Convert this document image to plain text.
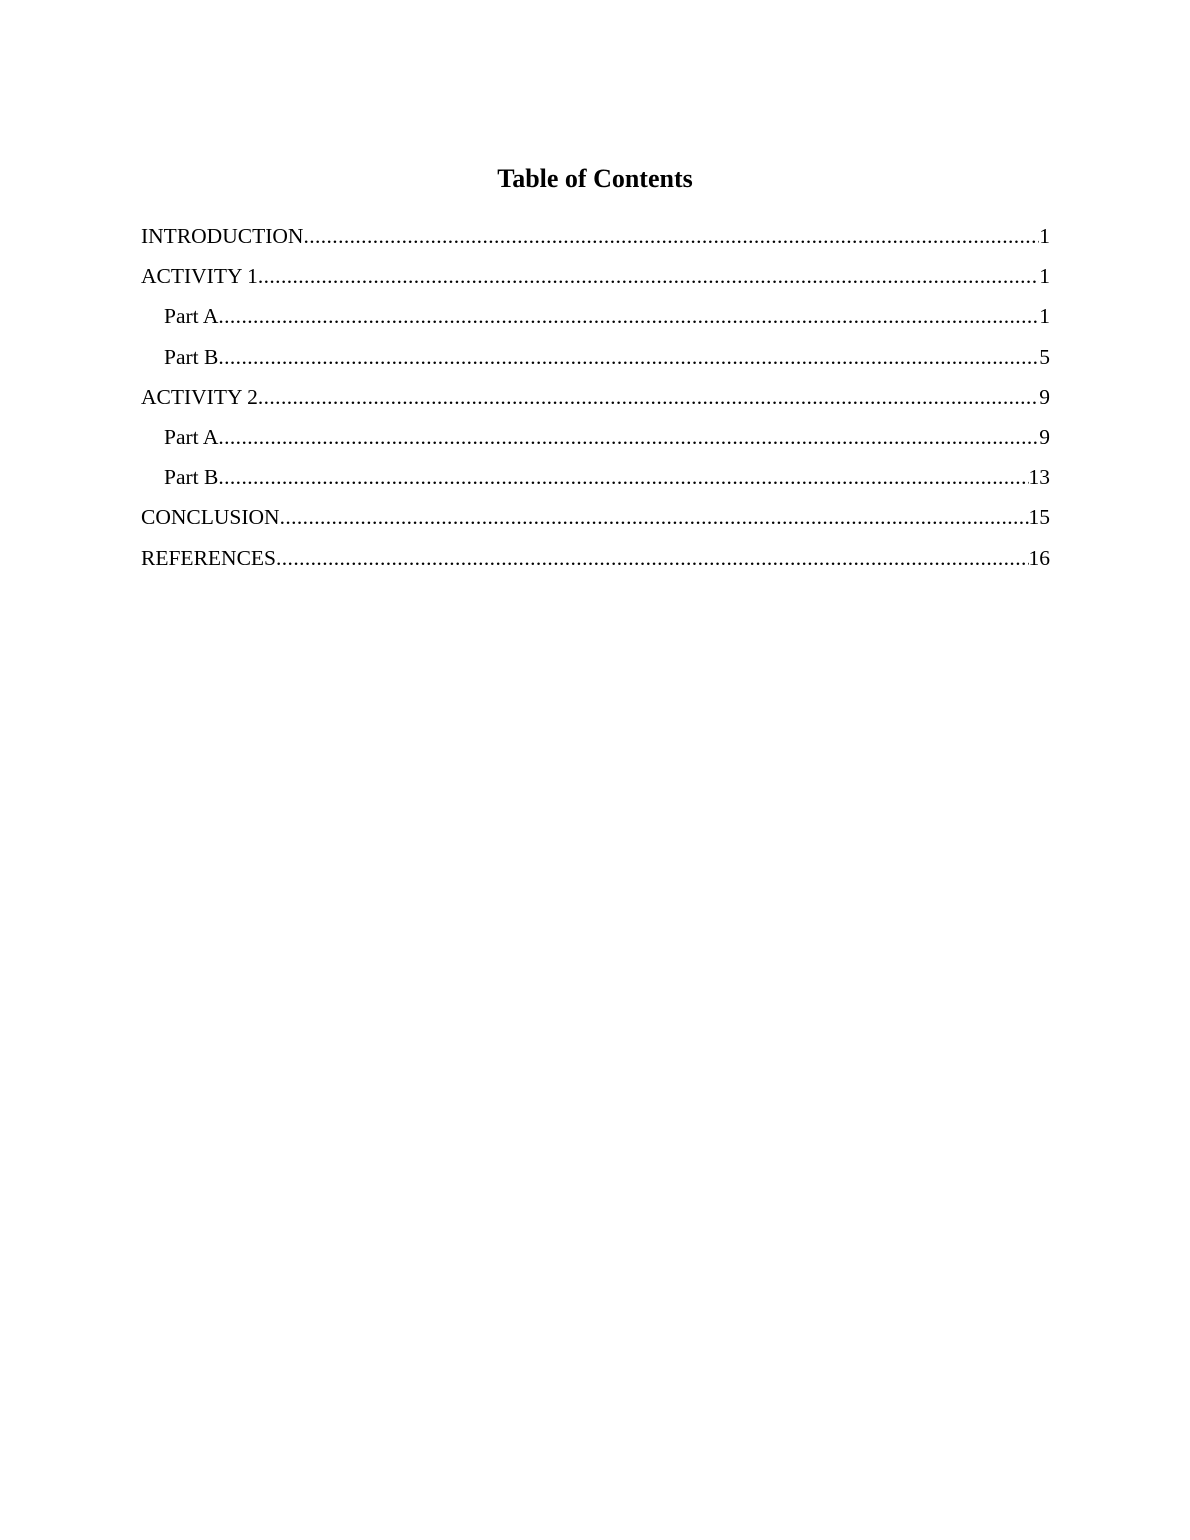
Table of Contents
INTRODUCTION .....	1
ACTIVITY 1 .....	1
Part A .....	1
Part B .....	5
ACTIVITY 2 .....	9
Part A .....	9
Part B .....	13
CONCLUSION .....	15
REFERENCES .....	16
